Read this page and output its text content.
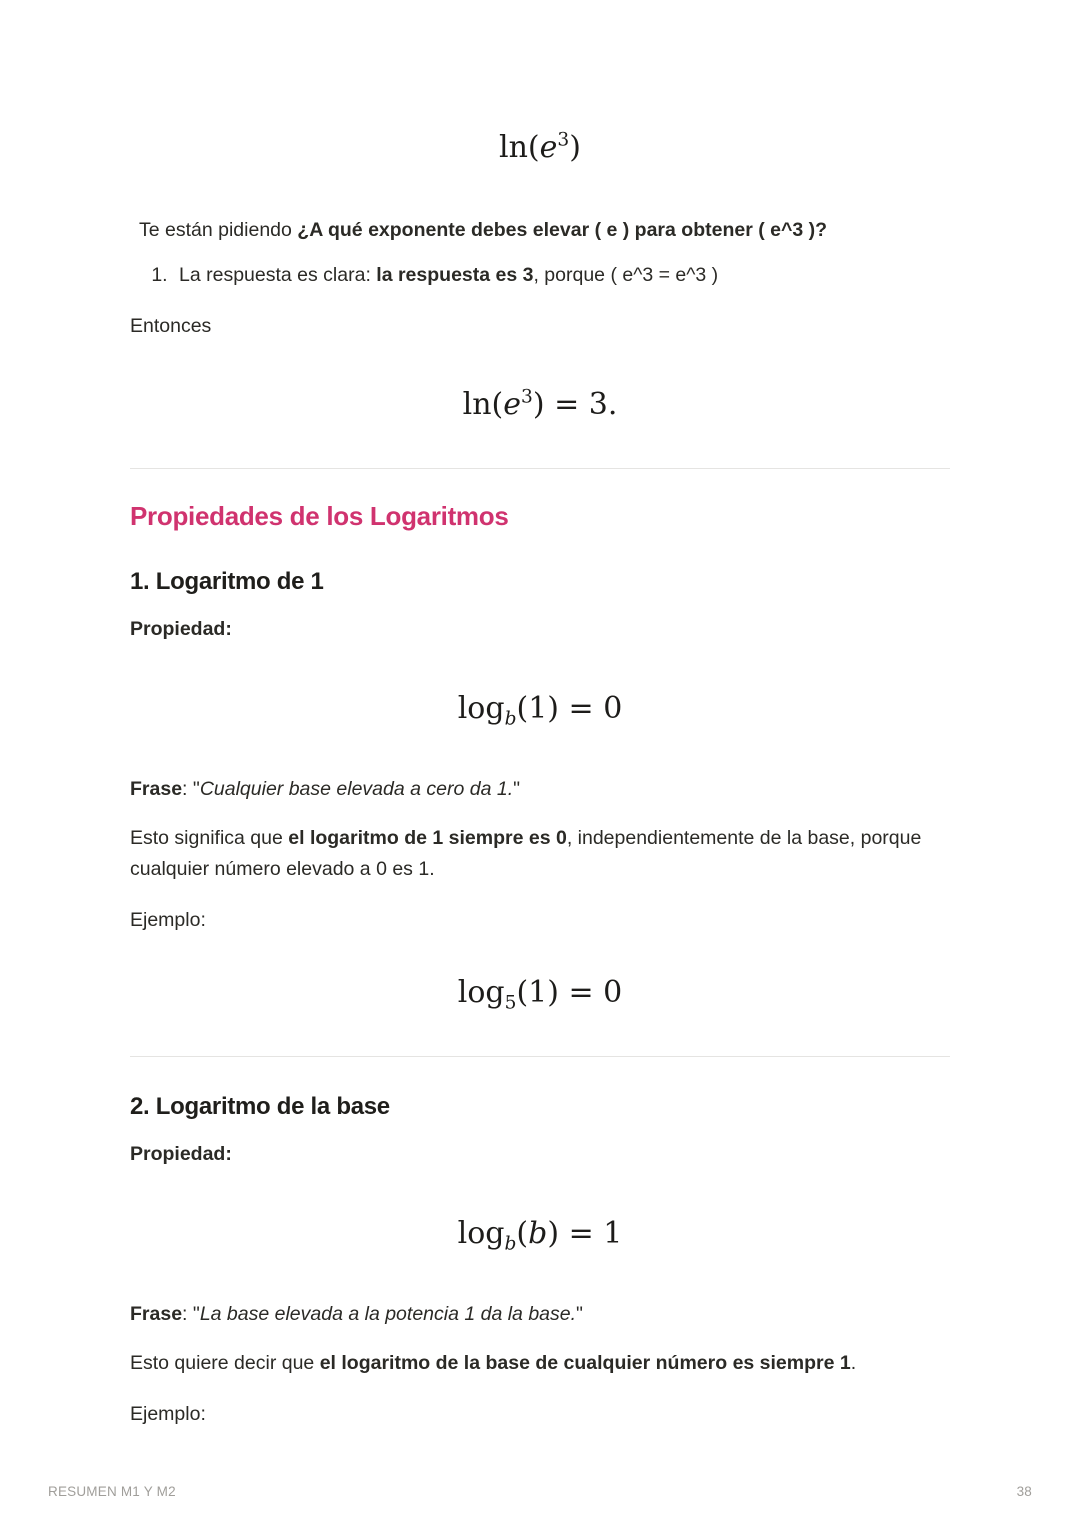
$\ln(e^3)$

Te están pidiendo ¿A qué exponente debes elevar ( e ) para obtener ( e^3 )?

1. La respuesta es clara: la respuesta es 3, porque ( e^3 = e^3 )

Entonces

$\ln(e^3) = 3$.
Propiedades de los Logaritmos
1. Logaritmo de 1

Propiedad:

$\log_b(1) = 0$

Frase: "Cualquier base elevada a cero da 1."

Esto significa que el logaritmo de 1 siempre es 0, independientemente de la base, porque cualquier número elevado a 0 es 1.

Ejemplo:

$\log_5(1) = 0$
2. Logaritmo de la base

Propiedad:

$\log_b(b) = 1$

Frase: "La base elevada a la potencia 1 da la base."

Esto quiere decir que el logaritmo de la base de cualquier número es siempre 1.

Ejemplo:

RESUMEN M1 Y M2	38
